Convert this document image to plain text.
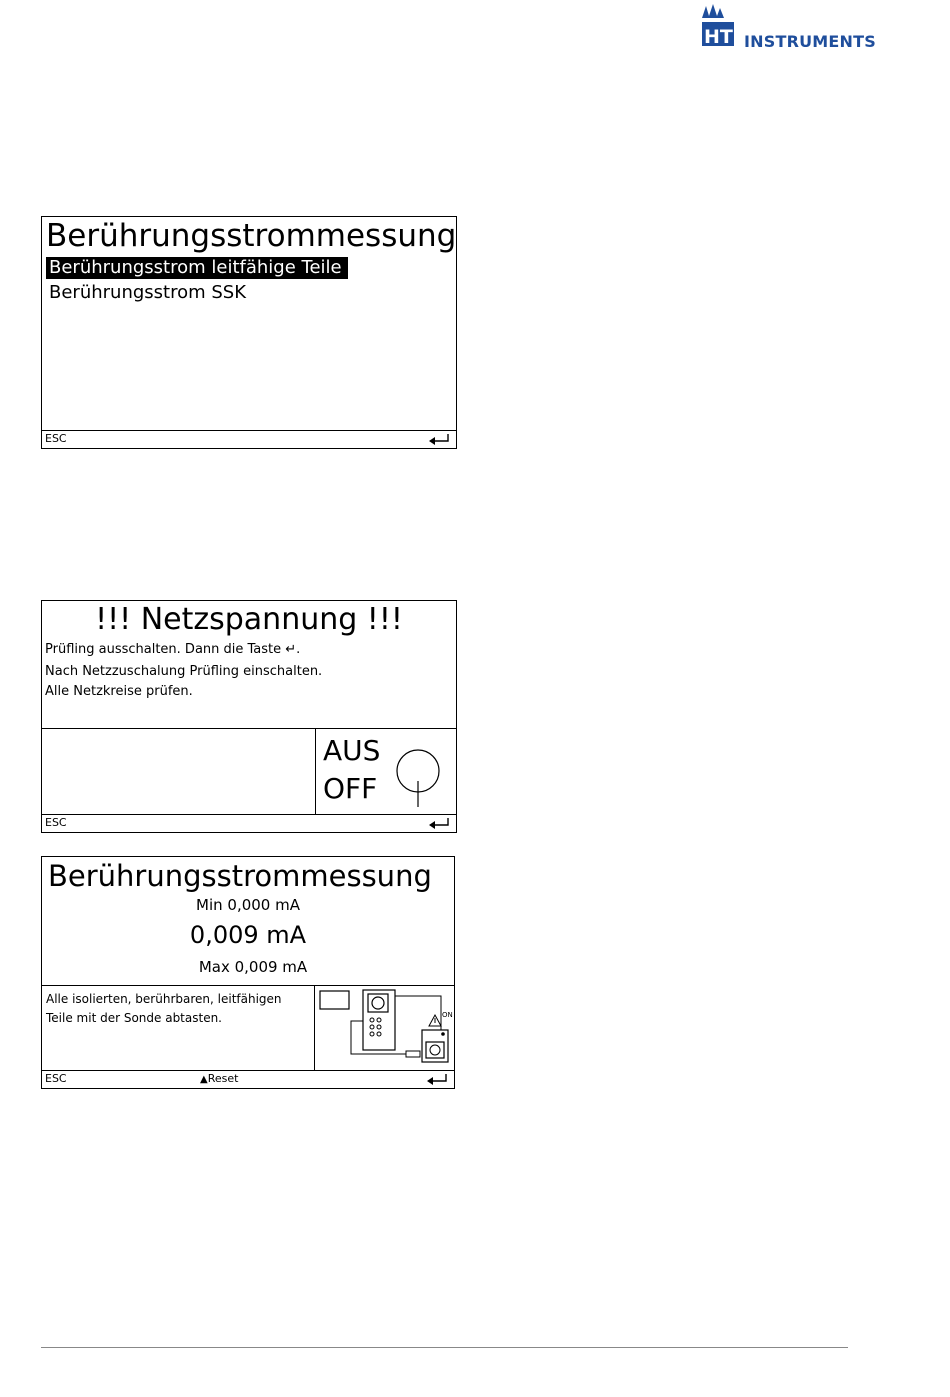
HT INSTRUMENTS
Berührungsstrommessung
Berührungsstrom leitfähige Teile
Berührungsstrom SSK
ESC
!!! Netzspannung !!!
Prüfling ausschalten. Dann die Taste ↵.
Nach Netzzuschalung Prüfling einschalten.
Alle Netzkreise prüfen.
AUS
OFF
ESC
Berührungsstrommessung
Min 0,000 mA
0,009 mA
Max 0,009 mA
Alle isolierten, berührbaren, leitfähigen Teile mit der Sonde abtasten.	ON
ESC	▲Reset
